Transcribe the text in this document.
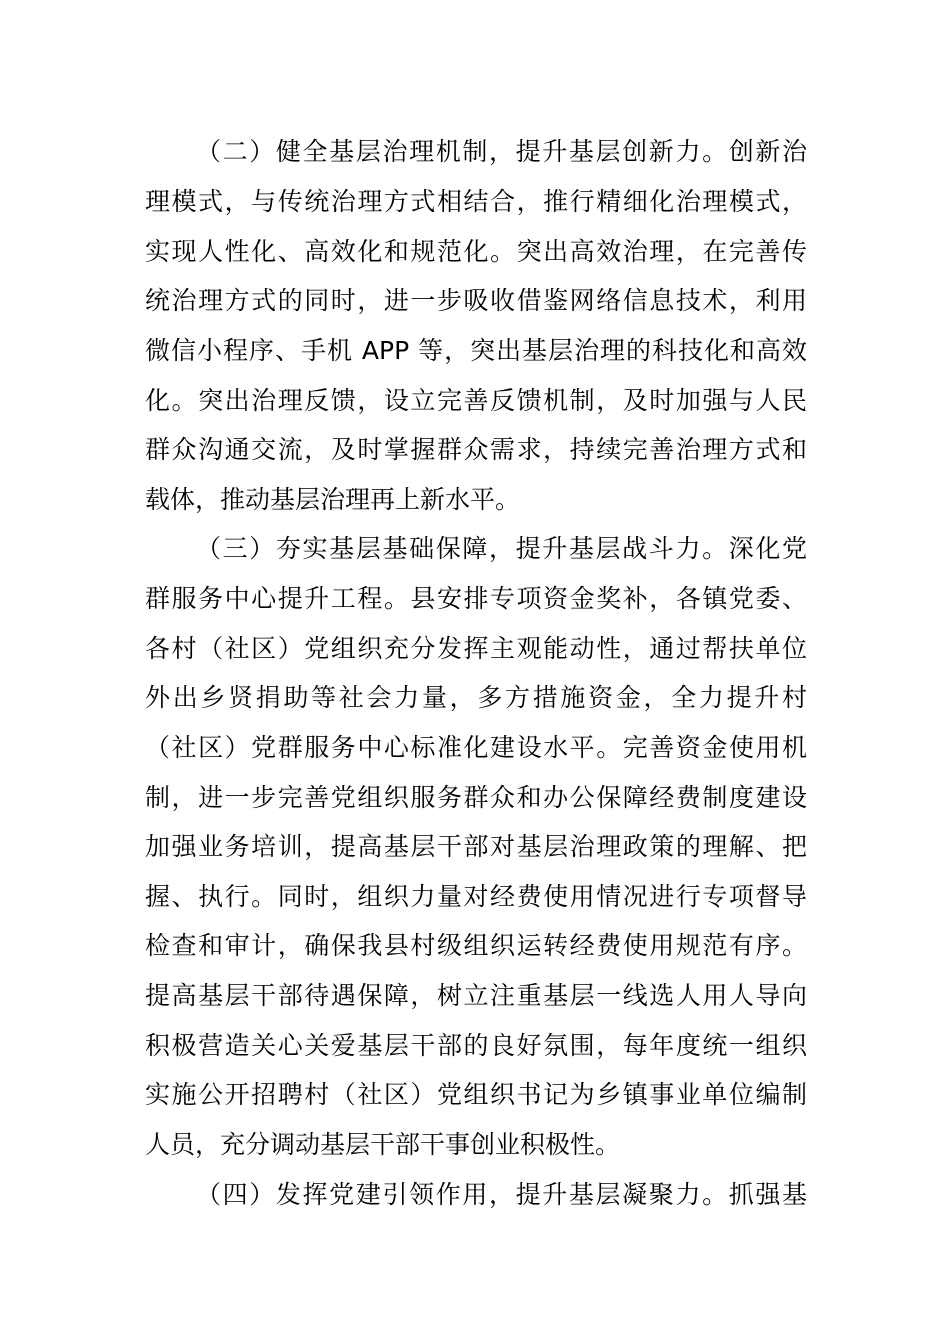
（二）健全基层治理机制，提升基层创新力。创新治
理模式，与传统治理方式相结合，推行精细化治理模式，
实现人性化、高效化和规范化。突出高效治理，在完善传
统治理方式的同时，进一步吸收借鉴网络信息技术，利用
微信小程序、手机 APP 等，突出基层治理的科技化和高效
化。突出治理反馈，设立完善反馈机制，及时加强与人民
群众沟通交流，及时掌握群众需求，持续完善治理方式和
载体，推动基层治理再上新水平。
（三）夯实基层基础保障，提升基层战斗力。深化党
群服务中心提升工程。县安排专项资金奖补，各镇党委、
各村（社区）党组织充分发挥主观能动性，通过帮扶单位
外出乡贤捐助等社会力量，多方措施资金，全力提升村
（社区）党群服务中心标准化建设水平。完善资金使用机
制，进一步完善党组织服务群众和办公保障经费制度建设
加强业务培训，提高基层干部对基层治理政策的理解、把
握、执行。同时，组织力量对经费使用情况进行专项督导
检查和审计，确保我县村级组织运转经费使用规范有序。
提高基层干部待遇保障，树立注重基层一线选人用人导向
积极营造关心关爱基层干部的良好氛围，每年度统一组织
实施公开招聘村（社区）党组织书记为乡镇事业单位编制
人员，充分调动基层干部干事创业积极性。
（四）发挥党建引领作用，提升基层凝聚力。抓强基
